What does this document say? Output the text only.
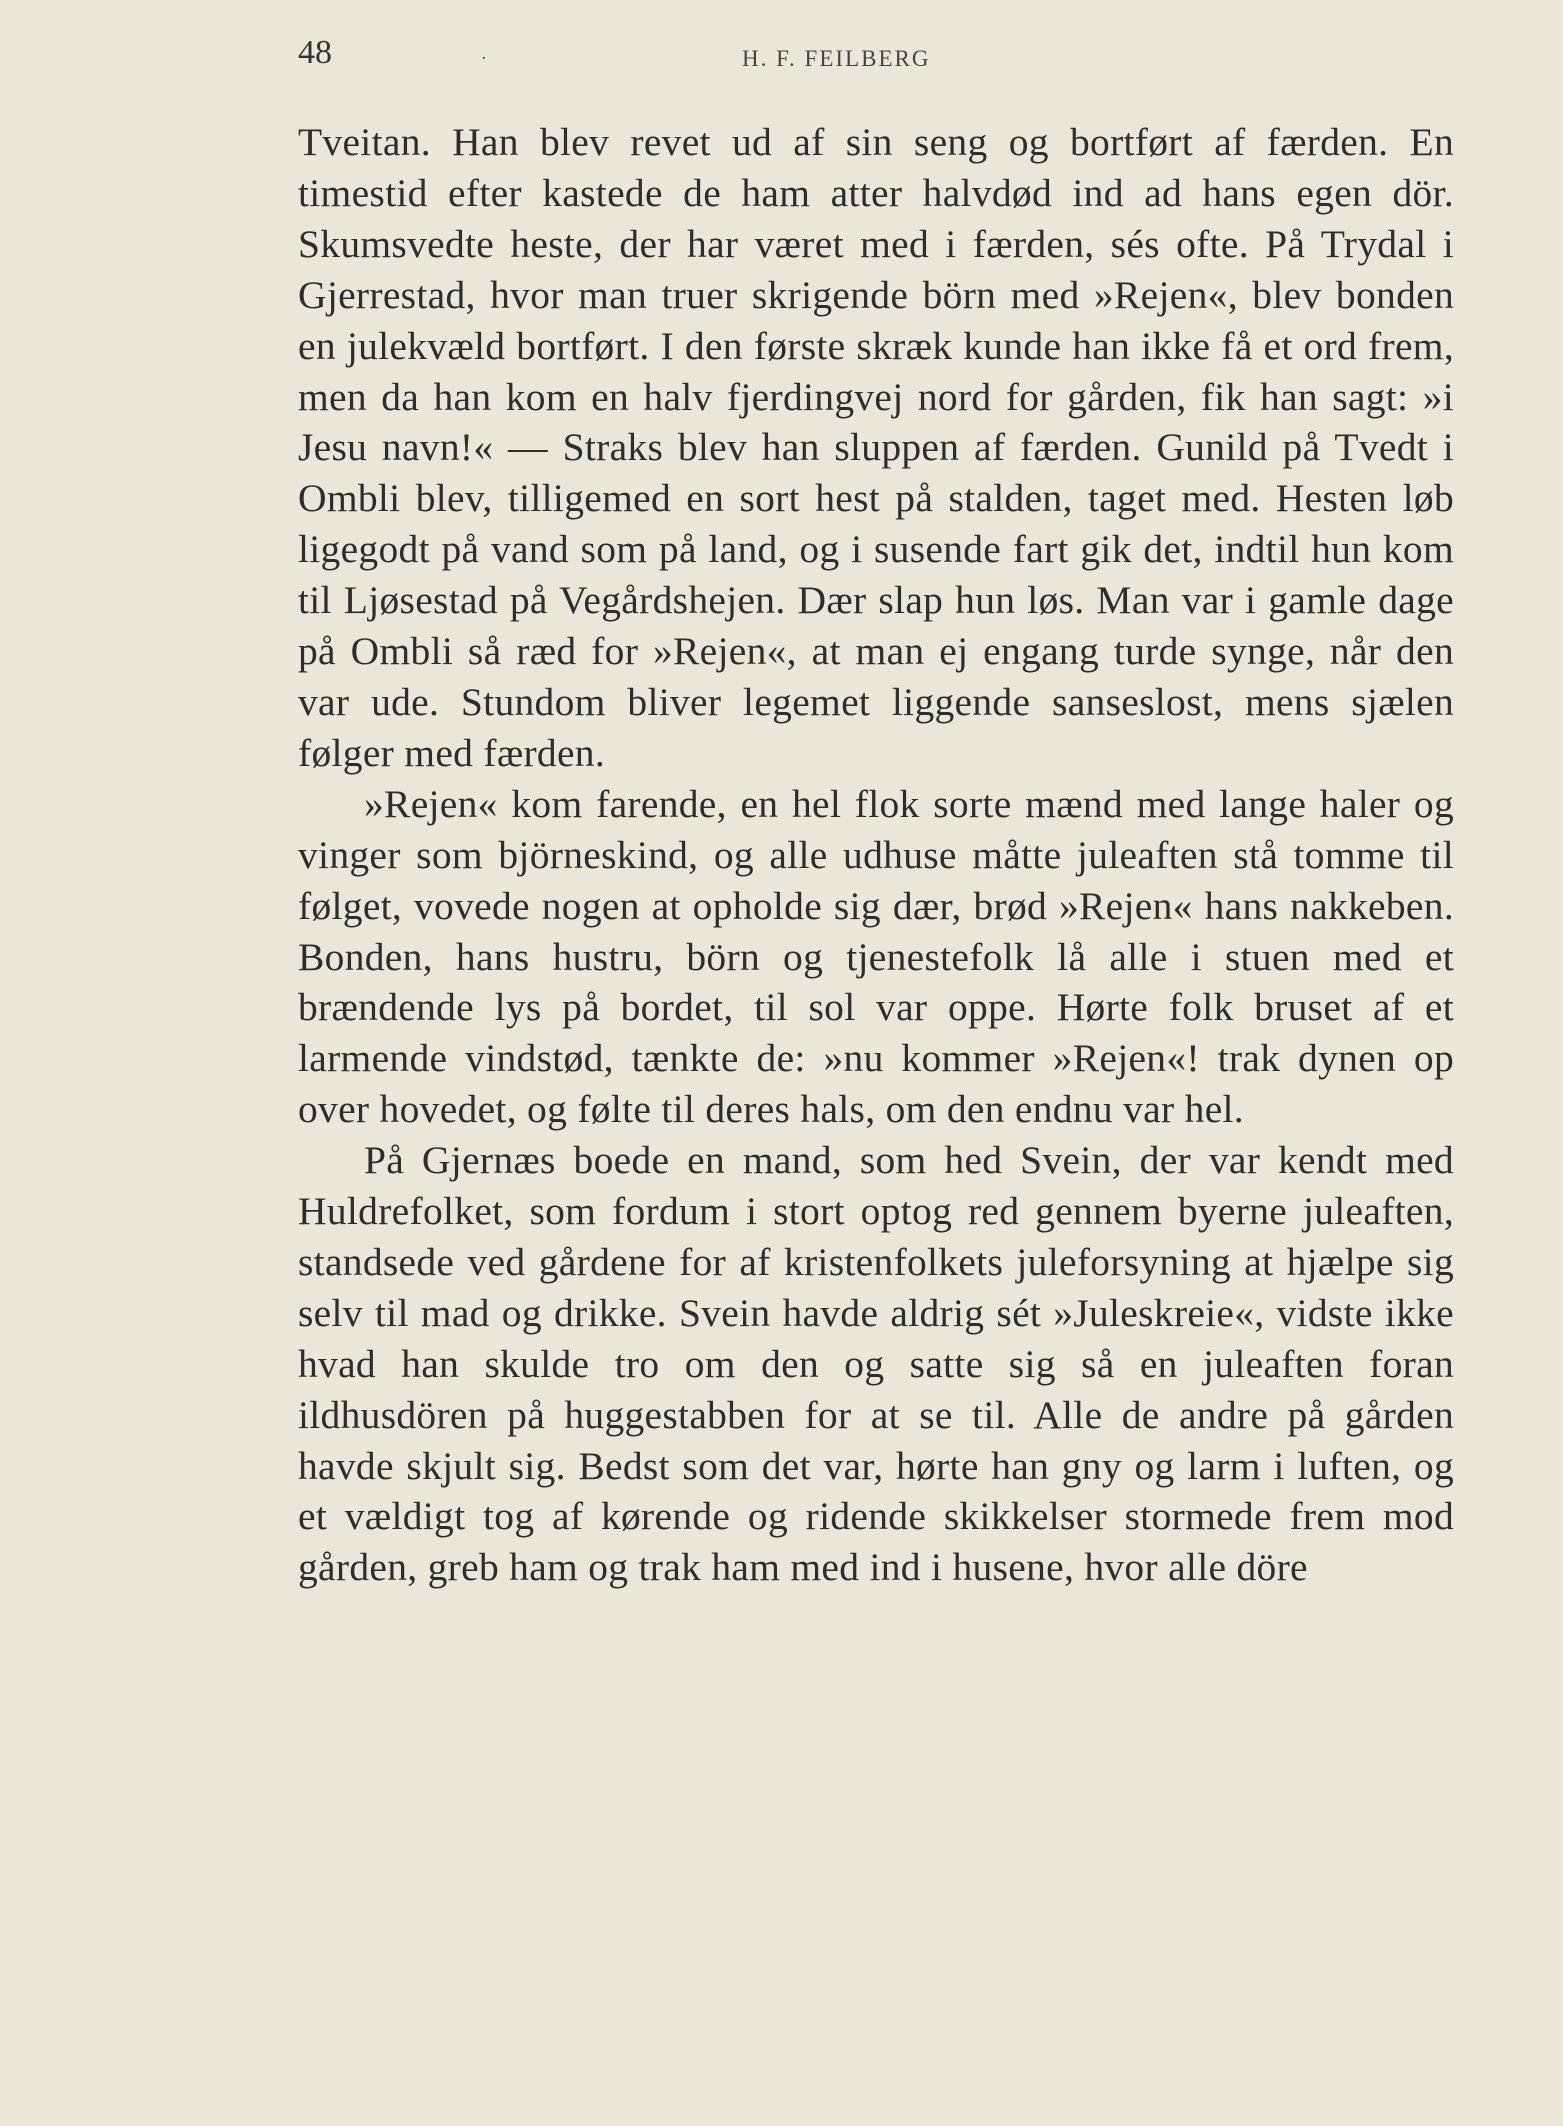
48	·	H. F. FEILBERG

Tveitan. Han blev revet ud af sin seng og bortført af færden. En timestid efter kastede de ham atter halvdød ind ad hans egen dör. Skumsvedte heste, der har været med i færden, sés ofte. På Trydal i Gjerrestad, hvor man truer skrigende börn med »Rejen«, blev bonden en julekvæld bortført. I den første skræk kunde han ikke få et ord frem, men da han kom en halv fjerdingvej nord for gården, fik han sagt: »i Jesu navn!« — Straks blev han sluppen af færden. Gunild på Tvedt i Ombli blev, tilligemed en sort hest på stalden, taget med. Hesten løb ligegodt på vand som på land, og i susende fart gik det, indtil hun kom til Ljøsestad på Vegårdshejen. Dær slap hun løs. Man var i gamle dage på Ombli så ræd for »Rejen«, at man ej engang turde synge, når den var ude. Stundom bliver legemet liggende sanseslost, mens sjælen følger med færden.

»Rejen« kom farende, en hel flok sorte mænd med lange haler og vinger som björneskind, og alle udhuse måtte juleaften stå tomme til følget, vovede nogen at opholde sig dær, brød »Rejen« hans nakkeben. Bonden, hans hustru, börn og tjenestefolk lå alle i stuen med et brændende lys på bordet, til sol var oppe. Hørte folk bruset af et larmende vindstød, tænkte de: »nu kommer »Rejen«! trak dynen op over hovedet, og følte til deres hals, om den endnu var hel.

På Gjernæs boede en mand, som hed Svein, der var kendt med Huldrefolket, som fordum i stort optog red gennem byerne juleaften, standsede ved gårdene for af kristenfolkets juleforsyning at hjælpe sig selv til mad og drikke. Svein havde aldrig sét »Juleskreie«, vidste ikke hvad han skulde tro om den og satte sig så en juleaften foran ildhusdören på huggestabben for at se til. Alle de andre på gården havde skjult sig. Bedst som det var, hørte han gny og larm i luften, og et vældigt tog af kørende og ridende skikkelser stormede frem mod gården, greb ham og trak ham med ind i husene, hvor alle döre
